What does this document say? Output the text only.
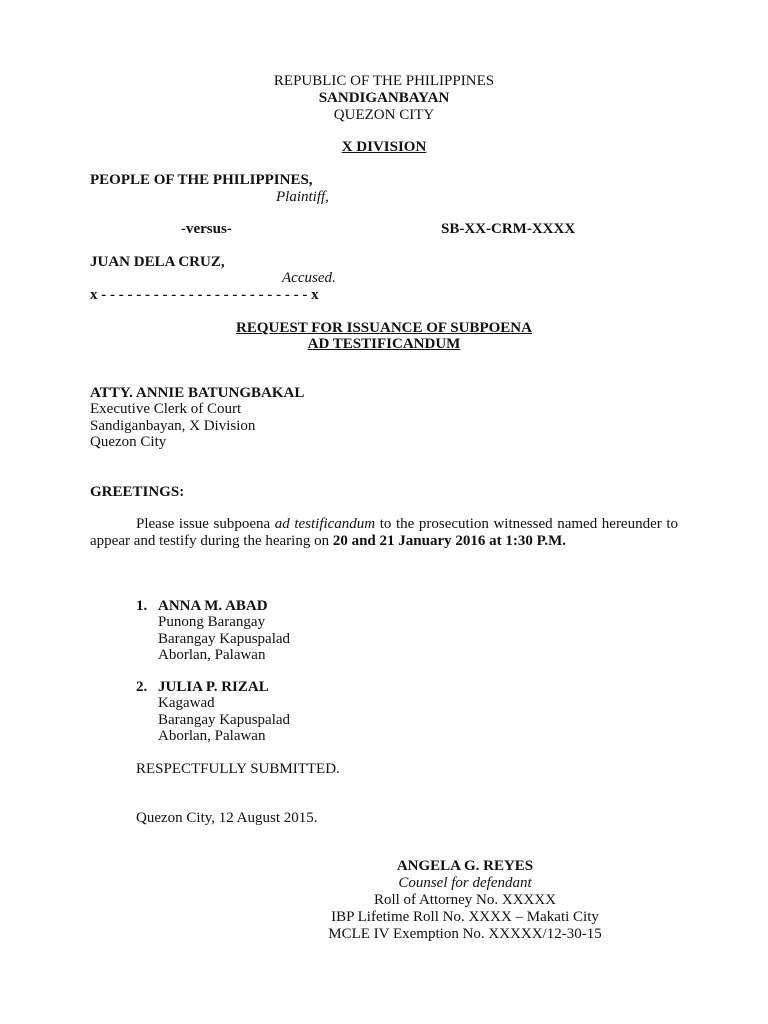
REPUBLIC OF THE PHILIPPINES
SANDIGANBAYAN
QUEZON CITY
X DIVISION
PEOPLE OF THE PHILIPPINES,
Plaintiff,
-versus-	SB-XX-CRM-XXXX
JUAN DELA CRUZ,
Accused.
x - - - - - - - - - - - - - - - - - - - - - - - - x
REQUEST FOR ISSUANCE OF SUBPOENA
AD TESTIFICANDUM
ATTY. ANNIE BATUNGBAKAL
Executive Clerk of Court
Sandiganbayan, X Division
Quezon City
GREETINGS:
Please issue subpoena ad testificandum to the prosecution witnessed named hereunder to appear and testify during the hearing on 20 and 21 January 2016 at 1:30 P.M.
1. ANNA M. ABAD
Punong Barangay
Barangay Kapuspalad
Aborlan, Palawan
2. JULIA P. RIZAL
Kagawad
Barangay Kapuspalad
Aborlan, Palawan
RESPECTFULLY SUBMITTED.
Quezon City, 12 August 2015.
ANGELA G. REYES
Counsel for defendant
Roll of Attorney No. XXXXX
IBP Lifetime Roll No. XXXX – Makati City
MCLE IV Exemption No. XXXXX/12-30-15
